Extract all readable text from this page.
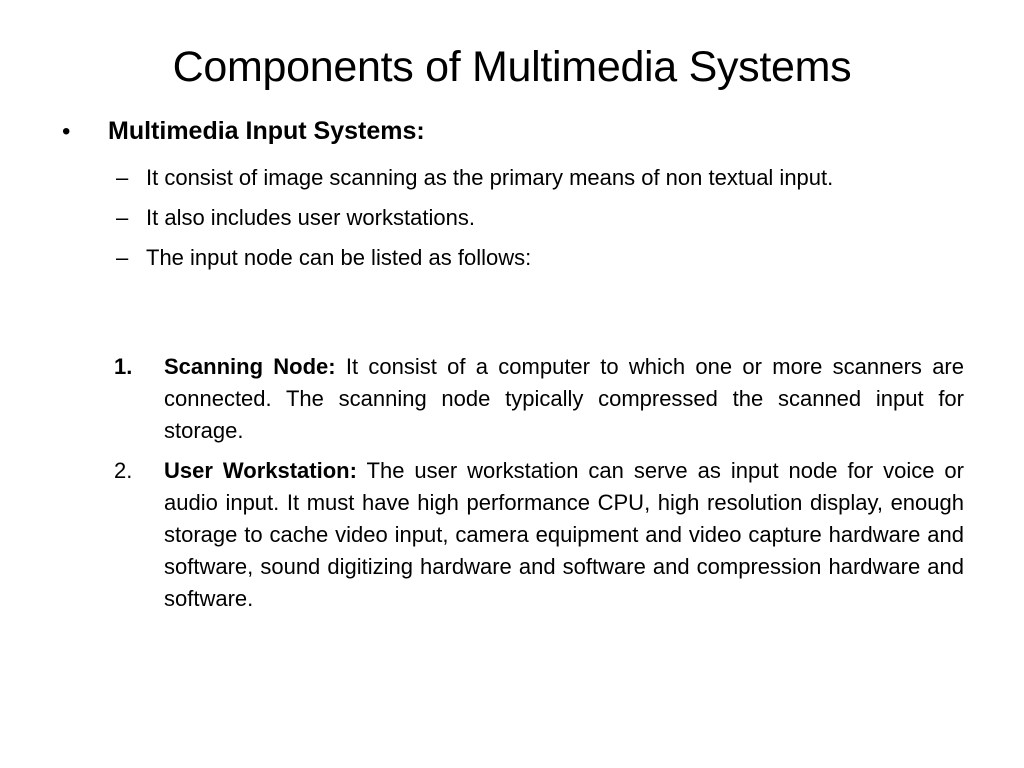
Components of Multimedia Systems
•	Multimedia Input Systems:
– It consist of image scanning as the primary means of non textual input.
– It also includes user workstations.
– The input node can be listed as follows:
1.	Scanning Node: It consist of a computer to which one or more scanners are connected. The scanning node typically compressed the scanned input for storage.
2.	User Workstation: The user workstation can serve as input node for voice or audio input. It must have high performance CPU, high resolution display, enough storage to cache video input, camera equipment and video capture hardware and software, sound digitizing hardware and software and compression hardware and software.
